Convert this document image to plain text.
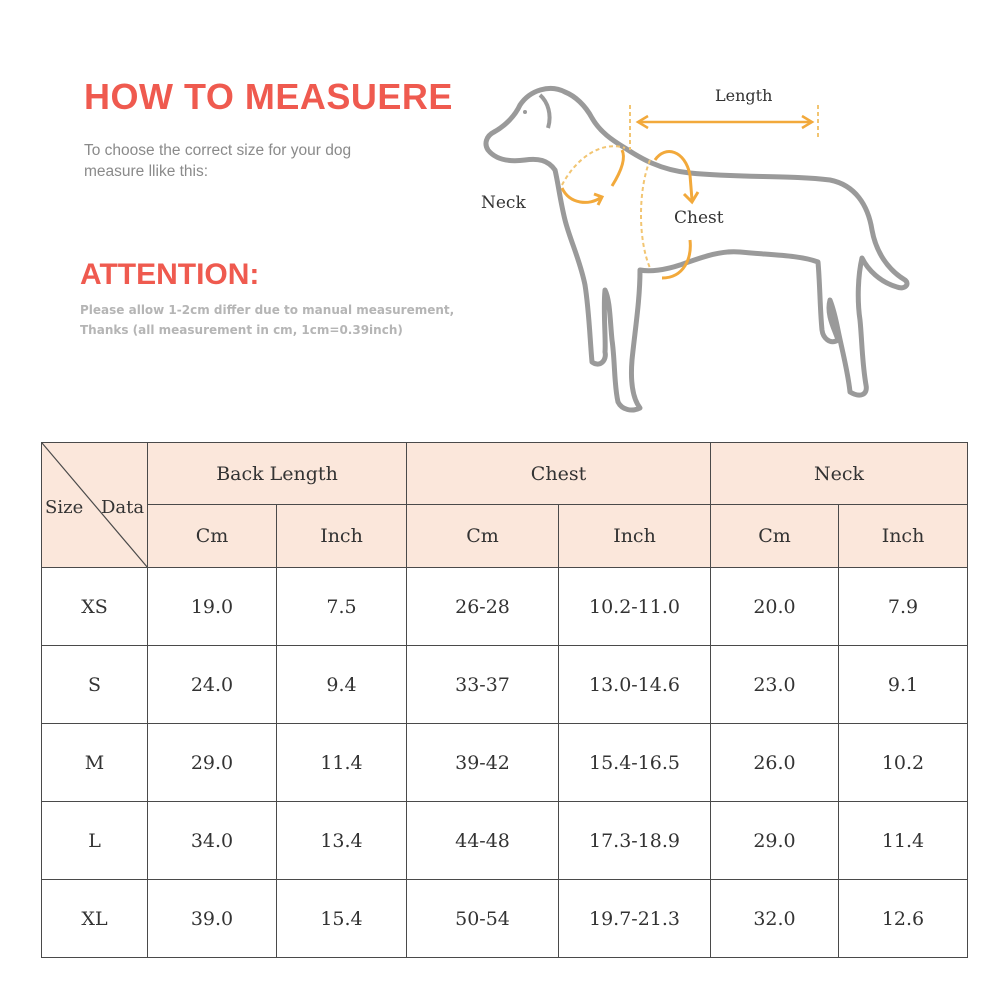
HOW TO MEASUERE
To choose the correct size for your dog
measure llike this:
ATTENTION:
Please allow 1-2cm differ due to manual measurement,
Thanks (all measurement in cm, 1cm=0.39inch)
Length
Neck
Chest
Size Data	Back Length		Chest		Neck	
	Cm	Inch	Cm	Inch	Cm	Inch
XS	19.0	7.5	26-28	10.2-11.0	20.0	7.9
S	24.0	9.4	33-37	13.0-14.6	23.0	9.1
M	29.0	11.4	39-42	15.4-16.5	26.0	10.2
L	34.0	13.4	44-48	17.3-18.9	29.0	11.4
XL	39.0	15.4	50-54	19.7-21.3	32.0	12.6
